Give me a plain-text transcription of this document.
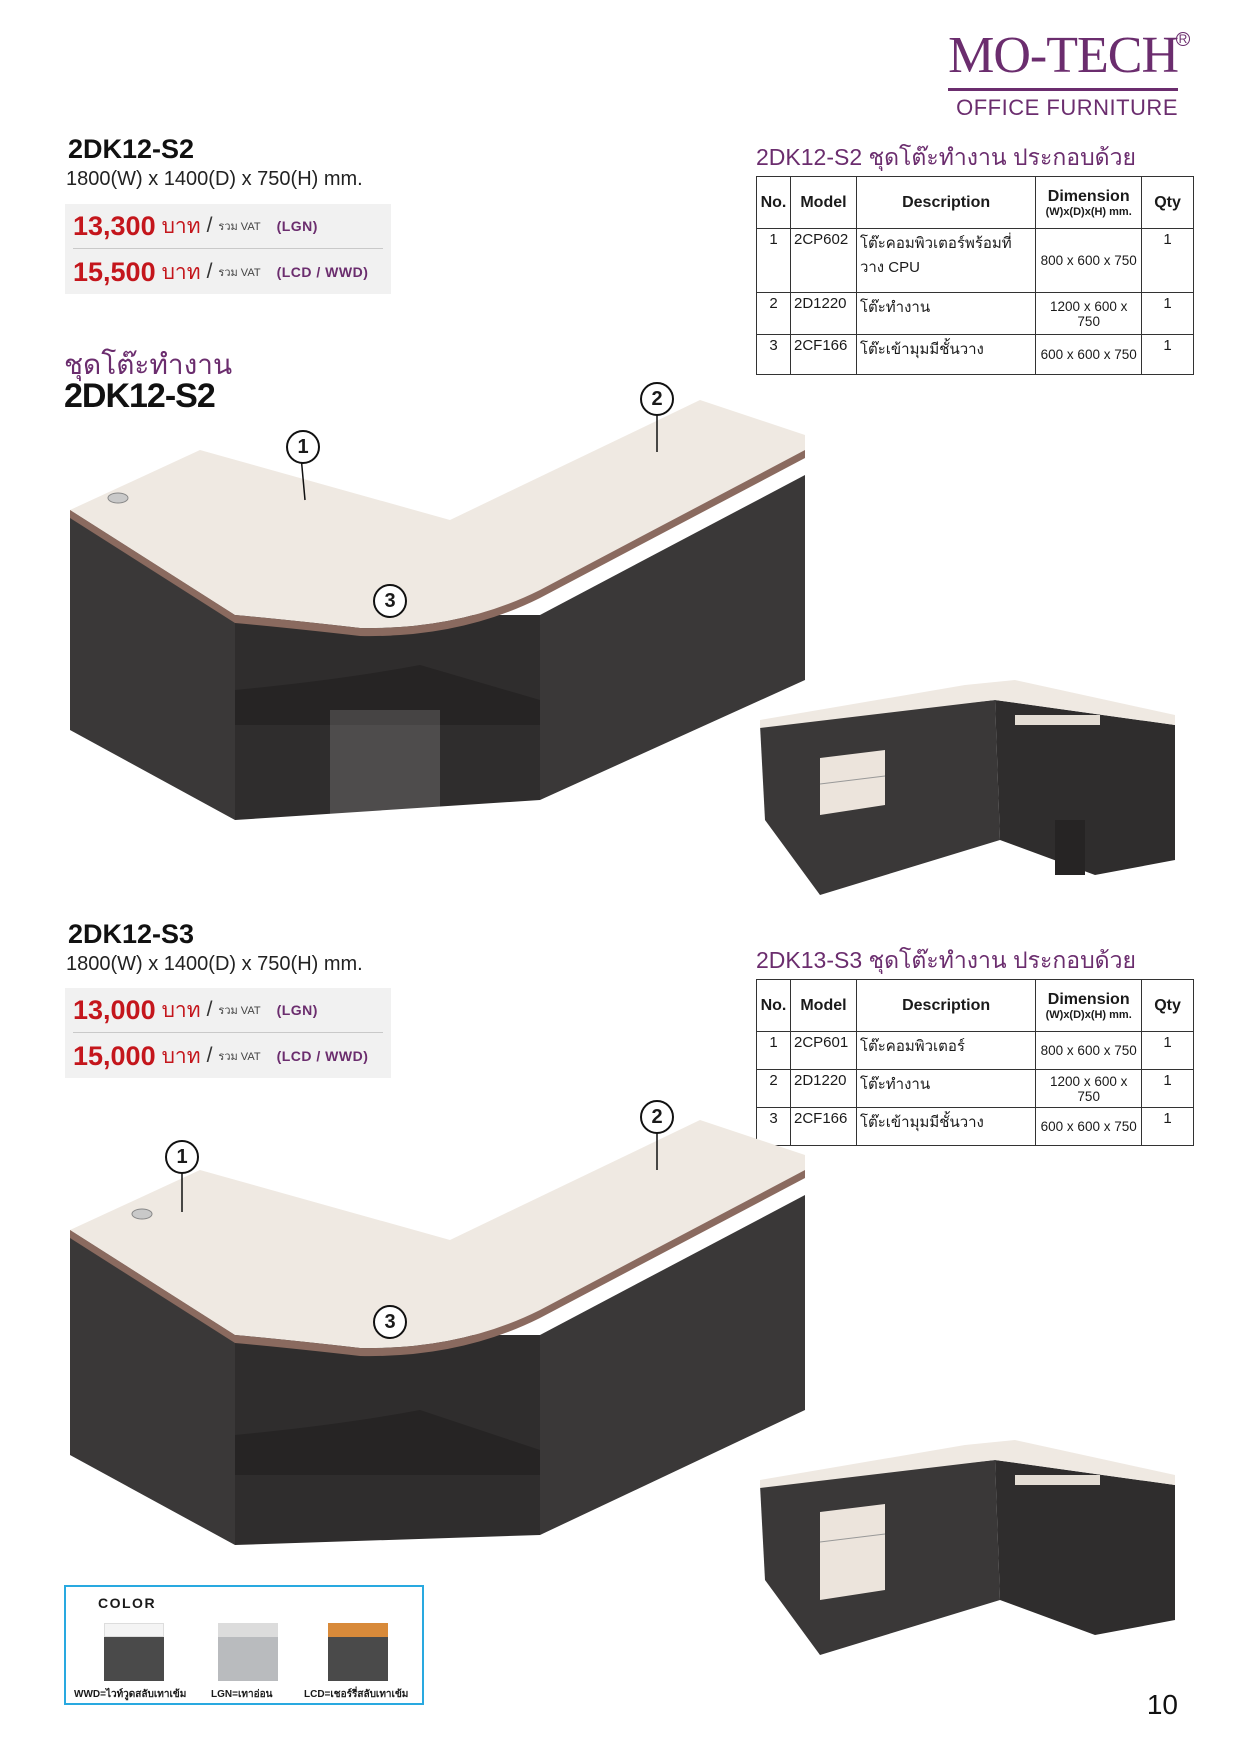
MO-TECH R
OFFICE FURNITURE
2DK12-S2
1800(W) x 1400(D) x 750(H) mm.
13,300 บาท / รวม VAT (LGN)
15,500 บาท / รวม VAT (LCD / WWD)
ชุดโต๊ะทำงาน
2DK12-S2
2DK12-S2 ชุดโต๊ะทำงาน ประกอบด้วย
No.	Model	Description	Dimension
(W)x(D)x(H) mm.	Qty
1	2CP602	โต๊ะคอมพิวเตอร์พร้อมที่วาง CPU	800 x 600 x 750	1
2	2D1220	โต๊ะทำงาน	1200 x 600 x 750	1
3	2CF166	โต๊ะเข้ามุมมีชั้นวาง	600 x 600 x 750	1
1
2
3
2DK12-S3
1800(W) x 1400(D) x 750(H) mm.
13,000 บาท / รวม VAT (LGN)
15,000 บาท / รวม VAT (LCD / WWD)
2DK13-S3 ชุดโต๊ะทำงาน ประกอบด้วย
No.	Model	Description	Dimension
(W)x(D)x(H) mm.	Qty
1	2CP601	โต๊ะคอมพิวเตอร์	800 x 600 x 750	1
2	2D1220	โต๊ะทำงาน	1200 x 600 x 750	1
3	2CF166	โต๊ะเข้ามุมมีชั้นวาง	600 x 600 x 750	1
1
2
3
COLOR
WWD=ไวท์วูดสลับเทาเข้ม LGN=เทาอ่อน	LCD=เชอร์รี่สลับเทาเข้ม	10
